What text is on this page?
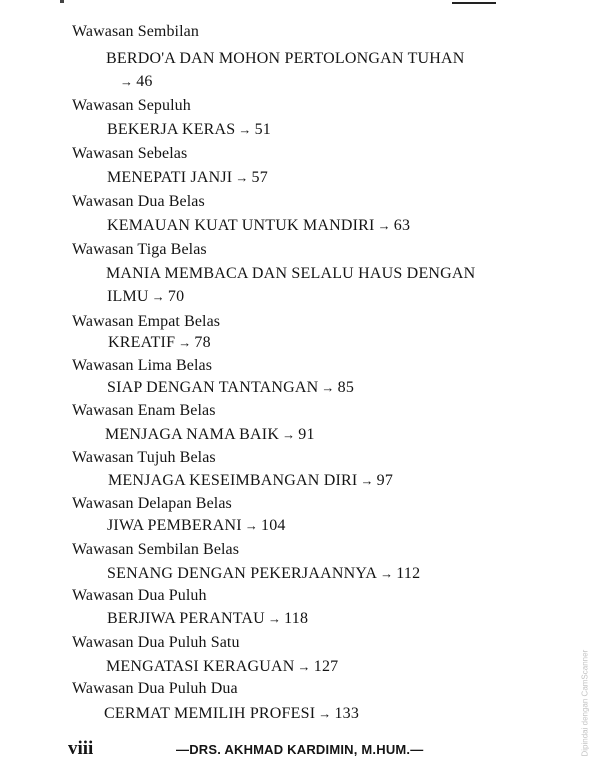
Wawasan Sembilan
BERDO'A DAN MOHON PERTOLONGAN TUHAN
→ 46
Wawasan Sepuluh
BEKERJA KERAS → 51
Wawasan Sebelas
MENEPATI JANJI → 57
Wawasan Dua Belas
KEMAUAN KUAT UNTUK MANDIRI → 63
Wawasan Tiga Belas
MANIA MEMBACA DAN SELALU HAUS DENGAN
ILMU → 70
Wawasan Empat Belas
KREATIF → 78
Wawasan Lima Belas
SIAP DENGAN TANTANGAN → 85
Wawasan Enam Belas
MENJAGA NAMA BAIK → 91
Wawasan Tujuh Belas
MENJAGA KESEIMBANGAN DIRI → 97
Wawasan Delapan Belas
JIWA PEMBERANI → 104
Wawasan Sembilan Belas
SENANG DENGAN PEKERJAANNYA → 112
Wawasan Dua Puluh
BERJIWA PERANTAU → 118
Wawasan Dua Puluh Satu
MENGATASI KERAGUAN → 127
Wawasan Dua Puluh Dua
CERMAT MEMILIH PROFESI → 133
viii	—DRS. AKHMAD KARDIMIN, M.HUM.—	Dipindai dengan CamScanner
